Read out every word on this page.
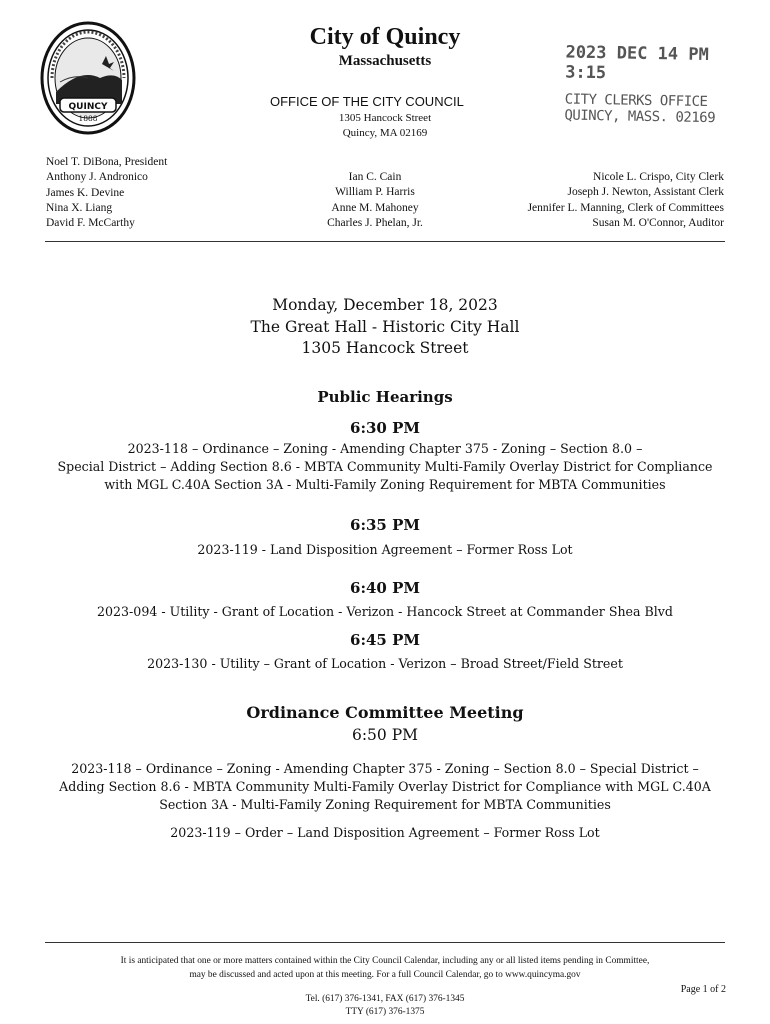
QUINCY
1888
City of Quincy
Massachusetts
OFFICE OF THE CITY COUNCIL
1305 Hancock Street
Quincy, MA 02169
2023 DEC 14 PM 3:15
CITY CLERKS OFFICE
QUINCY, MASS. 02169
Noel T. DiBona, President
Anthony J. Andronico
James K. Devine
Nina X. Liang
David F. McCarthy
Ian C. Cain
William P. Harris
Anne M. Mahoney
Charles J. Phelan, Jr.
Nicole L. Crispo, City Clerk
Joseph J. Newton, Assistant Clerk
Jennifer L. Manning, Clerk of Committees
Susan M. O'Connor, Auditor
Monday, December 18, 2023
The Great Hall - Historic City Hall
1305 Hancock Street
Public Hearings
6:30 PM
2023-118 – Ordinance – Zoning - Amending Chapter 375 - Zoning – Section 8.0 –
Special District – Adding Section 8.6 - MBTA Community Multi-Family Overlay District for Compliance
with MGL C.40A Section 3A - Multi-Family Zoning Requirement for MBTA Communities
6:35 PM
2023-119 - Land Disposition Agreement – Former Ross Lot
6:40 PM
2023-094 - Utility - Grant of Location - Verizon - Hancock Street at Commander Shea Blvd
6:45 PM
2023-130 - Utility – Grant of Location - Verizon – Broad Street/Field Street
Ordinance Committee Meeting
6:50 PM
2023-118 – Ordinance – Zoning - Amending Chapter 375 - Zoning – Section 8.0 – Special District –
Adding Section 8.6 - MBTA Community Multi-Family Overlay District for Compliance with MGL C.40A
Section 3A - Multi-Family Zoning Requirement for MBTA Communities
2023-119 – Order – Land Disposition Agreement – Former Ross Lot
It is anticipated that one or more matters contained within the City Council Calendar, including any or all listed items pending in Committee,
may be discussed and acted upon at this meeting. For a full Council Calendar, go to www.quincyma.gov
Page 1 of 2
Tel. (617) 376-1341, FAX (617) 376-1345
TTY (617) 376-1375
